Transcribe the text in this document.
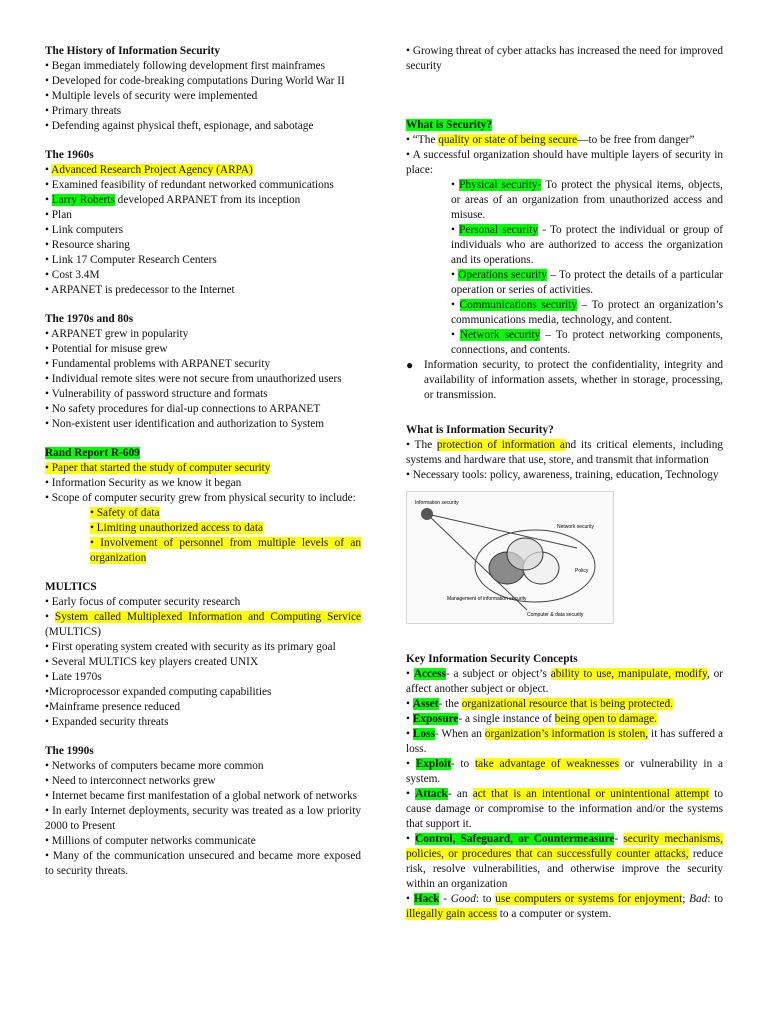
The History of Information Security

• Began immediately following development first mainframes

• Developed for code-breaking computations During World War II

• Multiple levels of security were implemented

• Primary threats

• Defending against physical theft, espionage, and sabotage

The 1960s

• Advanced Research Project Agency (ARPA)

• Examined feasibility of redundant networked communications

• Larry Roberts developed ARPANET from its inception

• Plan

• Link computers

• Resource sharing

• Link 17 Computer Research Centers

• Cost 3.4M

• ARPANET is predecessor to the Internet

The 1970s and 80s

• ARPANET grew in popularity

• Potential for misuse grew

• Fundamental problems with ARPANET security

• Individual remote sites were not secure from unauthorized users

• Vulnerability of password structure and formats

• No safety procedures for dial-up connections to ARPANET

• Non-existent user identification and authorization to System

Rand Report R-609

• Paper that started the study of computer security

• Information Security as we know it began

• Scope of computer security grew from physical security to include:

• Safety of data

• Limiting unauthorized access to data

• Involvement of personnel from multiple levels of an organization

MULTICS

• Early focus of computer security research

• System called Multiplexed Information and Computing Service (MULTICS)

• First operating system created with security as its primary goal

• Several MULTICS key players created UNIX

• Late 1970s

•Microprocessor expanded computing capabilities

•Mainframe presence reduced

• Expanded security threats

The 1990s

• Networks of computers became more common

• Need to interconnect networks grew

• Internet became first manifestation of a global network of networks

• In early Internet deployments, security was treated as a low priority 2000 to Present

• Millions of computer networks communicate

• Many of the communication unsecured and became more exposed to security threats.

• Growing threat of cyber attacks has increased the need for improved security

What is Security?

• “The quality or state of being secure—to be free from danger”

• A successful organization should have multiple layers of security in place:

• Physical security- To protect the physical items, objects, or areas of an organization from unauthorized access and misuse.

• Personal security - To protect the individual or group of individuals who are authorized to access the organization and its operations.

• Operations security – To protect the details of a particular operation or series of activities.

• Communications security – To protect an organization’s communications media, technology, and content.

• Network security – To protect networking components, connections, and contents.

● Information security, to protect the confidentiality, integrity and availability of information assets, whether in storage, processing, or transmission.

What is Information Security?

• The protection of information and its critical elements, including systems and hardware that use, store, and transmit that information

• Necessary tools: policy, awareness, training, education, Technology

Information security
Network security
Management of information security
Policy
Computer & data security

Key Information Security Concepts

• Access- a subject or object’s ability to use, manipulate, modify, or affect another subject or object.

• Asset- the organizational resource that is being protected.

• Exposure- a single instance of being open to damage.

• Loss- When an organization’s information is stolen, it has suffered a loss.

• Exploit- to take advantage of weaknesses or vulnerability in a system.

• Attack- an act that is an intentional or unintentional attempt to cause damage or compromise to the information and/or the systems that support it.

• Control, Safeguard, or Countermeasure- security mechanisms, policies, or procedures that can successfully counter attacks, reduce risk, resolve vulnerabilities, and otherwise improve the security within an organization

• Hack - Good: to use computers or systems for enjoyment; Bad: to illegally gain access to a computer or system.
